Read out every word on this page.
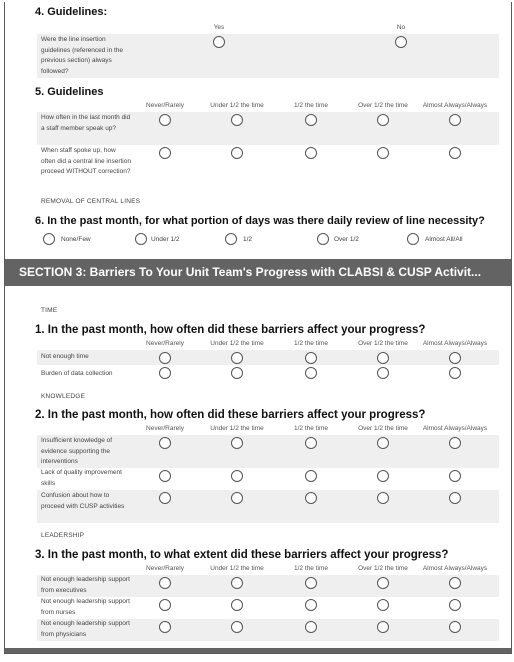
4. Guidelines:
Yes	No
Were the line insertion guidelines (referenced in the previous section) always followed?
5. Guidelines
Never/Rarely	Under 1/2 the time	1/2 the time	Over 1/2 the time Almost Always/Always
How often in the last month did a staff member speak up?
When staff spoke up, how often did a central line insertion proceed WITHOUT correction?
REMOVAL OF CENTRAL LINES
6. In the past month, for what portion of days was there daily review of line necessity?
None/Few	Under 1/2	1/2	Over 1/2	Almost All/All
SECTION 3: Barriers To Your Unit Team's Progress with CLABSI & CUSP Activit...
TIME
1. In the past month, how often did these barriers affect your progress?
Never/Rarely	Under 1/2 the time	1/2 the time	Over 1/2 the time Almost Always/Always
Not enough time
Burden of data collection
KNOWLEDGE
2. In the past month, how often did these barriers affect your progress?
Never/Rarely	Under 1/2 the time	1/2 the time	Over 1/2 the time Almost Always/Always
Insufficient knowledge of evidence supporting the interventions
Lack of quality improvement skills
Confusion about how to proceed with CUSP activities
LEADERSHIP
3. In the past month, to what extent did these barriers affect your progress?
Never/Rarely	Under 1/2 the time	1/2 the time	Over 1/2 the time Almost Always/Always
Not enough leadership support from executives
Not enough leadership support from nurses
Not enough leadership support from physicians
